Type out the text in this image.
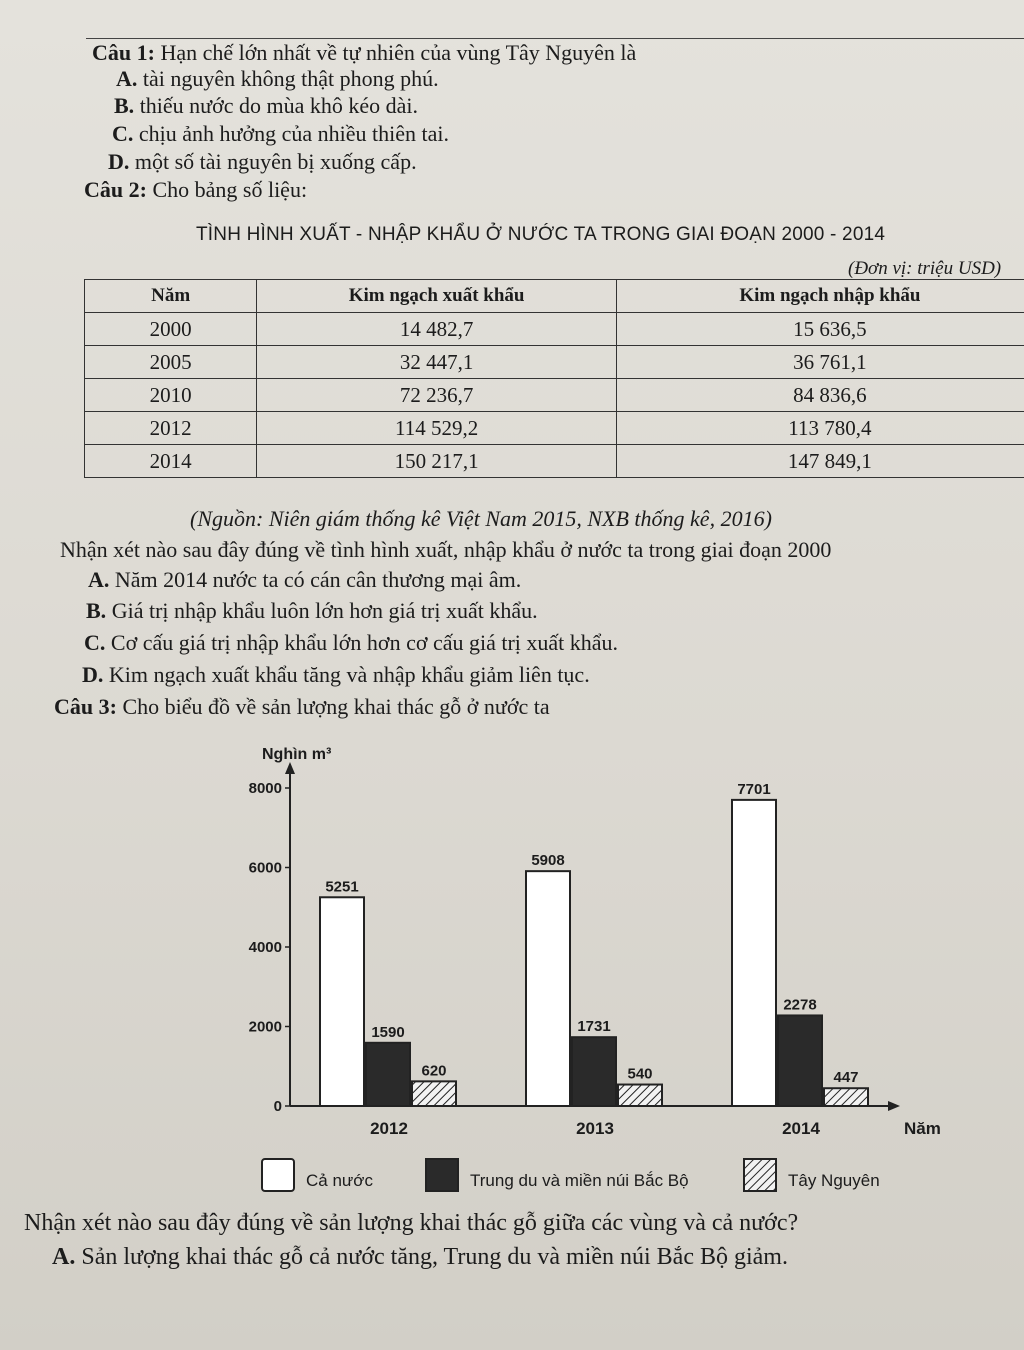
Câu 1: Hạn chế lớn nhất về tự nhiên của vùng Tây Nguyên là
A. tài nguyên không thật phong phú.
B. thiếu nước do mùa khô kéo dài.
C. chịu ảnh hưởng của nhiều thiên tai.
D. một số tài nguyên bị xuống cấp.
Câu 2: Cho bảng số liệu:
TÌNH HÌNH XUẤT - NHẬP KHẨU Ở NƯỚC TA TRONG GIAI ĐOẠN 2000 - 2014
(Đơn vị: triệu USD)
Năm	Kim ngạch xuất khẩu	Kim ngạch nhập khẩu
2000	14 482,7	15 636,5
2005	32 447,1	36 761,1
2010	72 236,7	84 836,6
2012	114 529,2	113 780,4
2014	150 217,1	147 849,1
(Nguồn: Niên giám thống kê Việt Nam 2015, NXB thống kê, 2016)
Nhận xét nào sau đây đúng về tình hình xuất, nhập khẩu ở nước ta trong giai đoạn 2000
A. Năm 2014 nước ta có cán cân thương mại âm.
B. Giá trị nhập khẩu luôn lớn hơn giá trị xuất khẩu.
C. Cơ cấu giá trị nhập khẩu lớn hơn cơ cấu giá trị xuất khẩu.
D. Kim ngạch xuất khẩu tăng và nhập khẩu giảm liên tục.
Câu 3: Cho biểu đồ về sản lượng khai thác gỗ ở nước ta
0
2000
4000
6000
8000
Nghìn m³
Năm
5251
1590
620
2012
5908
1731
540
2013
7701
2278
447
2014
Cả nước	Trung du và miền núi Bắc Bộ	Tây Nguyên
Nhận xét nào sau đây đúng về sản lượng khai thác gỗ giữa các vùng và cả nước?
A. Sản lượng khai thác gỗ cả nước tăng, Trung du và miền núi Bắc Bộ giảm.
